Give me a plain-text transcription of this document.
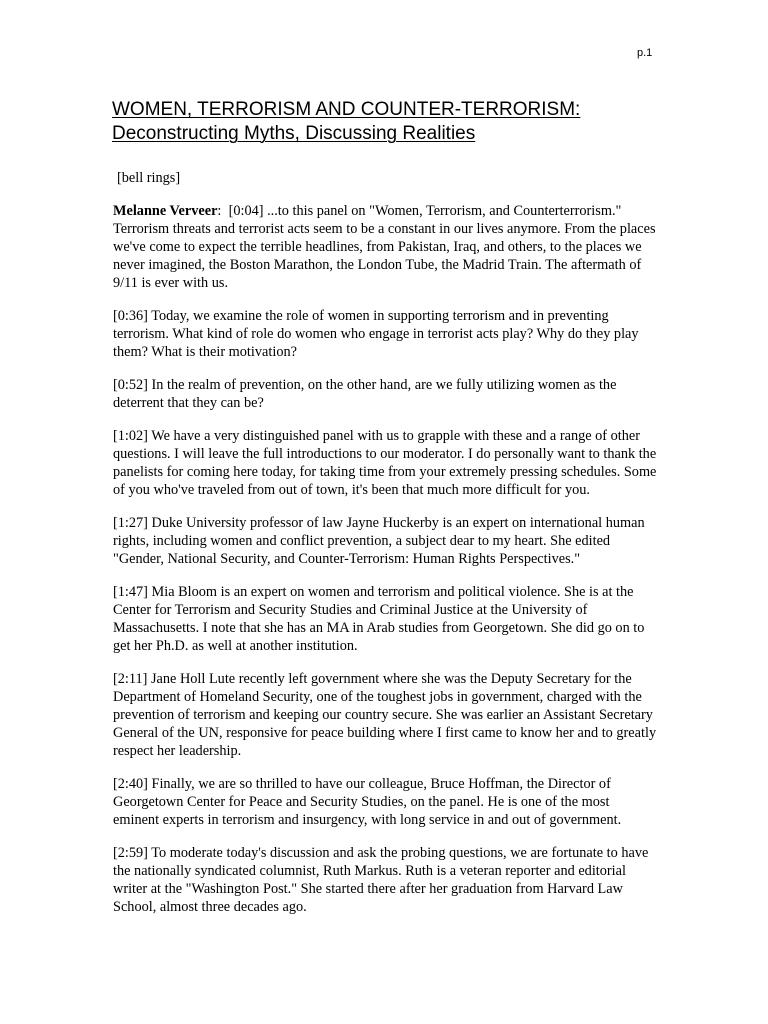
p.1
WOMEN, TERRORISM AND COUNTER-TERRORISM:
Deconstructing Myths, Discussing Realities

[bell rings]

Melanne Verveer: [0:04] ...to this panel on "Women, Terrorism, and Counterterrorism." Terrorism threats and terrorist acts seem to be a constant in our lives anymore. From the places we've come to expect the terrible headlines, from Pakistan, Iraq, and others, to the places we never imagined, the Boston Marathon, the London Tube, the Madrid Train. The aftermath of 9/11 is ever with us.

[0:36] Today, we examine the role of women in supporting terrorism and in preventing terrorism. What kind of role do women who engage in terrorist acts play? Why do they play them? What is their motivation?

[0:52] In the realm of prevention, on the other hand, are we fully utilizing women as the deterrent that they can be?

[1:02] We have a very distinguished panel with us to grapple with these and a range of other questions. I will leave the full introductions to our moderator. I do personally want to thank the panelists for coming here today, for taking time from your extremely pressing schedules. Some of you who've traveled from out of town, it's been that much more difficult for you.

[1:27] Duke University professor of law Jayne Huckerby is an expert on international human rights, including women and conflict prevention, a subject dear to my heart. She edited "Gender, National Security, and Counter-Terrorism: Human Rights Perspectives."

[1:47] Mia Bloom is an expert on women and terrorism and political violence. She is at the Center for Terrorism and Security Studies and Criminal Justice at the University of Massachusetts. I note that she has an MA in Arab studies from Georgetown. She did go on to get her Ph.D. as well at another institution.

[2:11] Jane Holl Lute recently left government where she was the Deputy Secretary for the Department of Homeland Security, one of the toughest jobs in government, charged with the prevention of terrorism and keeping our country secure. She was earlier an Assistant Secretary General of the UN, responsive for peace building where I first came to know her and to greatly respect her leadership.

[2:40] Finally, we are so thrilled to have our colleague, Bruce Hoffman, the Director of Georgetown Center for Peace and Security Studies, on the panel. He is one of the most eminent experts in terrorism and insurgency, with long service in and out of government.

[2:59] To moderate today's discussion and ask the probing questions, we are fortunate to have the nationally syndicated columnist, Ruth Markus. Ruth is a veteran reporter and editorial writer at the "Washington Post." She started there after her graduation from Harvard Law School, almost three decades ago.
